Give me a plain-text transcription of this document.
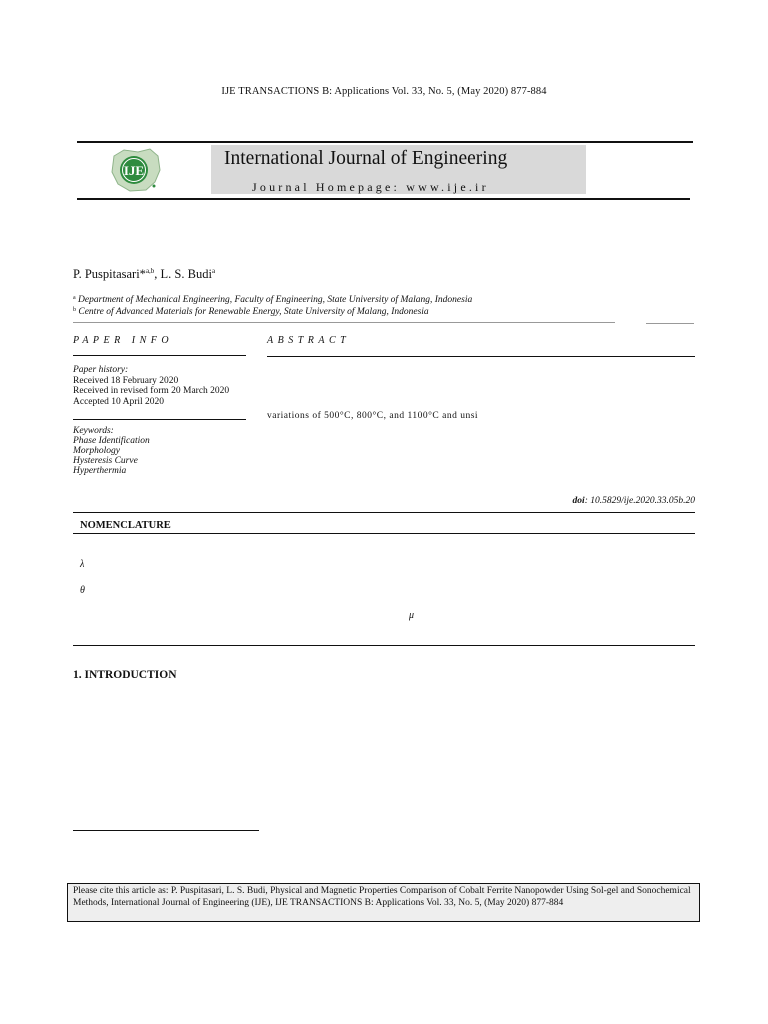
IJE TRANSACTIONS B: Applications Vol. 33, No. 5, (May 2020) 877-884
IJE
International Journal of Engineering
Journal Homepage: www.ije.ir
P. Puspitasari*$^{a,b}$, L. S. Budi$^a$
$^a$ Department of Mechanical Engineering, Faculty of Engineering, State University of Malang, Indonesia
$^b$ Centre of Advanced Materials for Renewable Energy, State University of Malang, Indonesia
PAPER INFO
Paper history:
Received 18 February 2020
Received in revised form 20 March 2020
Accepted 10 April 2020
Keywords:
Phase Identification
Morphology
Hysteresis Curve
Hyperthermia
ABSTRACT
variations of 500°C, 800°C, and 1100°C and unsi
doi: 10.5829/ije.2020.33.05b.20
NOMENCLATURE
λ
θ
μ
1. INTRODUCTION
Please cite this article as: P. Puspitasari, L. S. Budi, Physical and Magnetic Properties Comparison of Cobalt Ferrite Nanopowder Using Sol-gel and Sonochemical Methods, International Journal of Engineering (IJE), IJE TRANSACTIONS B: Applications Vol. 33, No. 5, (May 2020) 877-884
